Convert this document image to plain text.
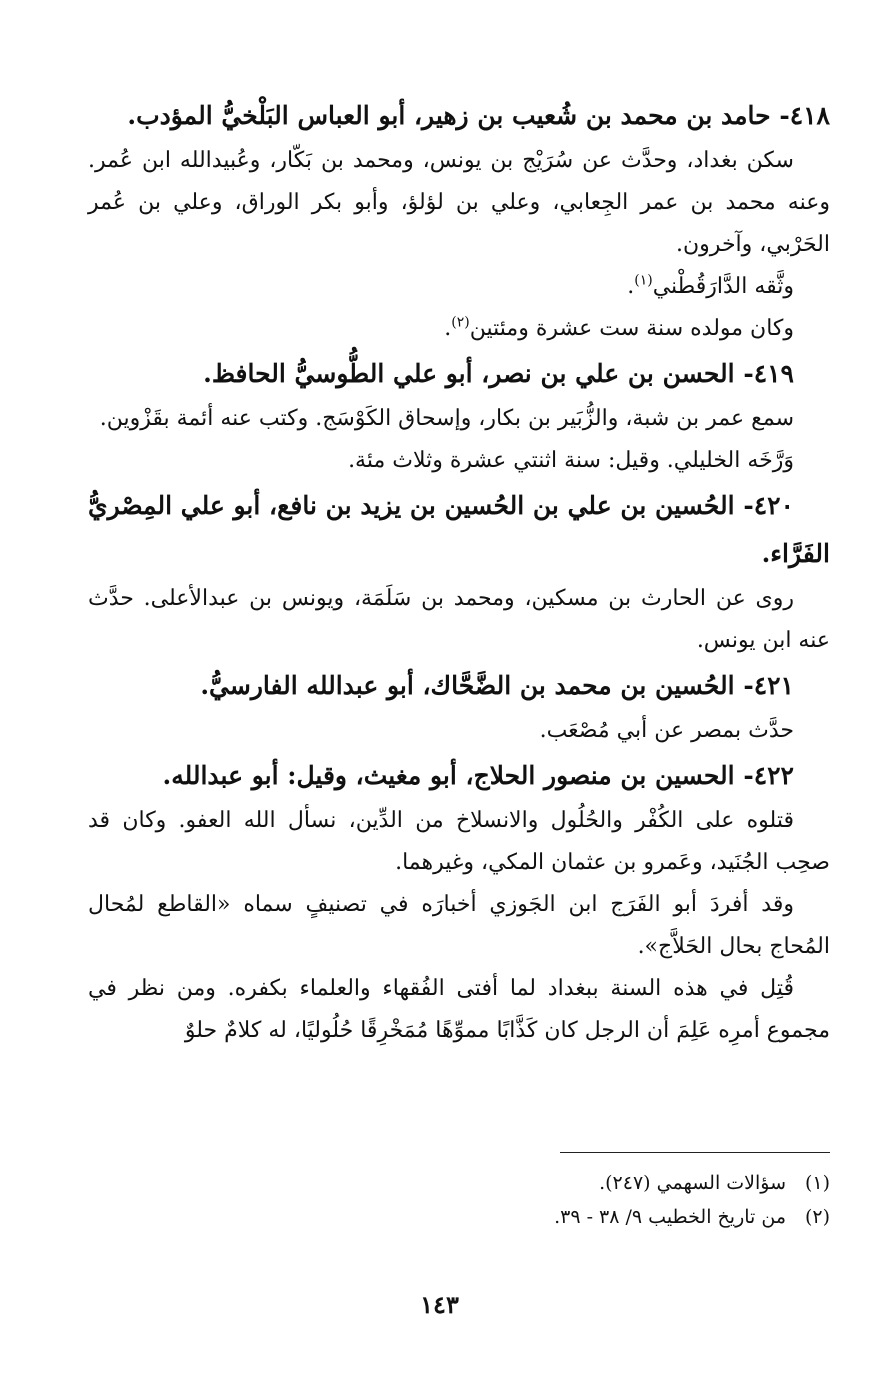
٤١٨- حامد بن محمد بن شُعيب بن زهير، أبو العباس البَلْخيُّ المؤدب.

سكن بغداد، وحدَّث عن سُرَيْج بن يونس، ومحمد بن بَكّار، وعُبيدالله ابن عُمر. وعنه محمد بن عمر الجِعابي، وعلي بن لؤلؤ، وأبو بكر الوراق، وعلي بن عُمر الحَرْبي، وآخرون.

وثَّقه الدَّارَقُطْني$^{(١)}$.

وكان مولده سنة ست عشرة ومئتين$^{(٢)}$.

٤١٩- الحسن بن علي بن نصر، أبو علي الطُّوسيُّ الحافظ.

سمع عمر بن شبة، والزُّبَير بن بكار، وإسحاق الكَوْسَج. وكتب عنه أئمة بقَزْوين.

وَرَّخَه الخليلي. وقيل: سنة اثنتي عشرة وثلاث مئة.

٤٢٠- الحُسين بن علي بن الحُسين بن يزيد بن نافع، أبو علي المِصْريُّ الفَرَّاء.

روى عن الحارث بن مسكين، ومحمد بن سَلَمَة، ويونس بن عبدالأعلى. حدَّث عنه ابن يونس.

٤٢١- الحُسين بن محمد بن الضَّحَّاك، أبو عبدالله الفارسيُّ.

حدَّث بمصر عن أبي مُصْعَب.

٤٢٢- الحسين بن منصور الحلاج، أبو مغيث، وقيل: أبو عبدالله.

قتلوه على الكُفْر والحُلُول والانسلاخ من الدِّين، نسأل الله العفو. وكان قد صحِب الجُنَيد، وعَمرو بن عثمان المكي، وغيرهما.

وقد أفردَ أبو الفَرَج ابن الجَوزي أخبارَه في تصنيفٍ سماه «القاطع لمُحال المُحاج بحال الحَلاَّج».

قُتِل في هذه السنة ببغداد لما أفتى الفُقهاء والعلماء بكفره. ومن نظر في مجموع أمرِه عَلِمَ أن الرجل كان كَذَّابًا مموِّهًا مُمَخْرِقًا حُلُوليًا، له كلامٌ حلوٌ

(١)سؤالات السهمي (٢٤٧).
(٢)من تاريخ الخطيب ٩/ ٣٨ - ٣٩.
١٤٣
